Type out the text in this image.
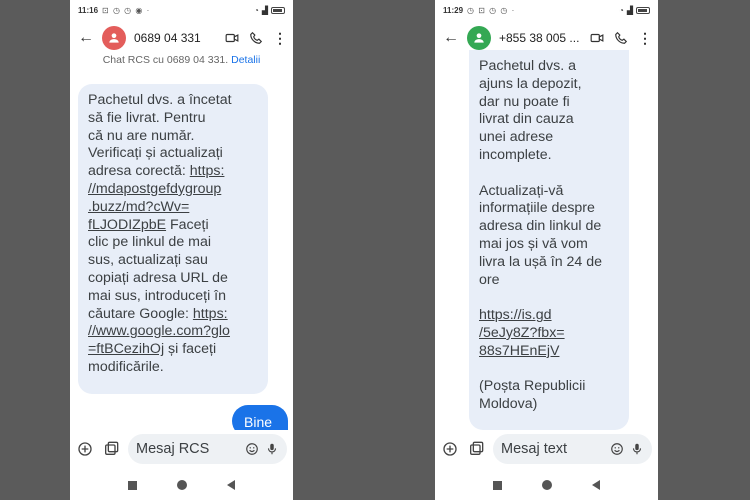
11:16 ⊡ ◷ ◷ ◉ ·	◔ ▟
←	0689 04 331	⋮
Chat RCS cu 0689 04 331. Detalii
Pachetul dvs. a încetat
să fie livrat. Pentru
că nu are număr.
Verificați și actualizați
adresa corectă: https:
//mdapostgefdygroup
.buzz/md?cWv=
fLJODIZpbE Faceți
clic pe linkul de mai
sus, actualizați sau
copiați adresa URL de
mai sus, introduceți în
căutare Google: https:
//www.google.com?glo
=ftBCezihOj și faceți
modificările.
Bine
Mesaj RCS
11:29 ◷ ⊡ ◷ ◷ ·	◔ ▟
←	+855 38 005 ...	⋮
Pachetul dvs. a
ajuns la depozit,
dar nu poate fi
livrat din cauza
unei adrese
incomplete.
Actualizați-vă
informațiile despre
adresa din linkul de
mai jos și vă vom
livra la ușă în 24 de
ore
https://is.gd
/5eJy8Z?fbx=
88s7HEnEjV
(Poșta Republicii
Moldova)
Mesaj text
